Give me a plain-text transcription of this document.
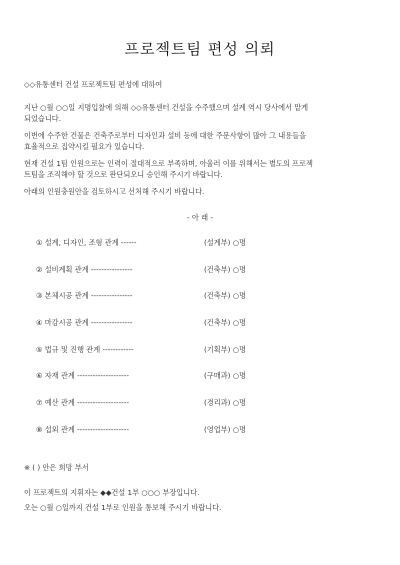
프로젝트팀 편성 의뢰
◇◇유통센터 건설 프로젝트팀 편성에 대하여
지난 ○월 ○○일 지명입찰에 의해 ◇◇유통센터 건설을 수주했으며 설계 역시 당사에서 맡게
되었습니다.
이번에 수주한 건물은 건축주로부터 디자인과 설비 등에 대한 주문사항이 많아 그 내용들을
효율적으로 집약시킬 필요가 있습니다.
현재 건설 1팀 인원으로는 인력이 절대적으로 부족하며, 아울러 이를 위해서는 별도의 프로젝
트팀을 조직해야 할 것으로 판단되오니 승인해 주시기 바랍니다.
아래의 인원충원안을 검토하시고 선처해 주시기 바랍니다.
- 아 래 -
① 설계, 디자인, 조형 관계 ------	(설계부) ○명
② 설비계획 관계 ----------------	(건축부) ○명
③ 본체시공 관계 ----------------	(건축부) ○명
④ 마감시공 관계 ----------------	(건축부) ○명
⑤ 법규 및 진행 관계 ------------	(기획부) ○명
⑥ 자재 관계 --------------------	(구매과) ○명
⑦ 예산 관계 --------------------	(경리과) ○명
⑧ 섭외 관계 --------------------	(영업부) ○명
※ ( ) 안은 희망 부서
이 프로젝트의 지휘자는 ◆◆건설 1부 ○○○ 부장입니다.
오는 ○월 ○일까지 건설 1부로 인원을 통보해 주시기 바랍니다.
